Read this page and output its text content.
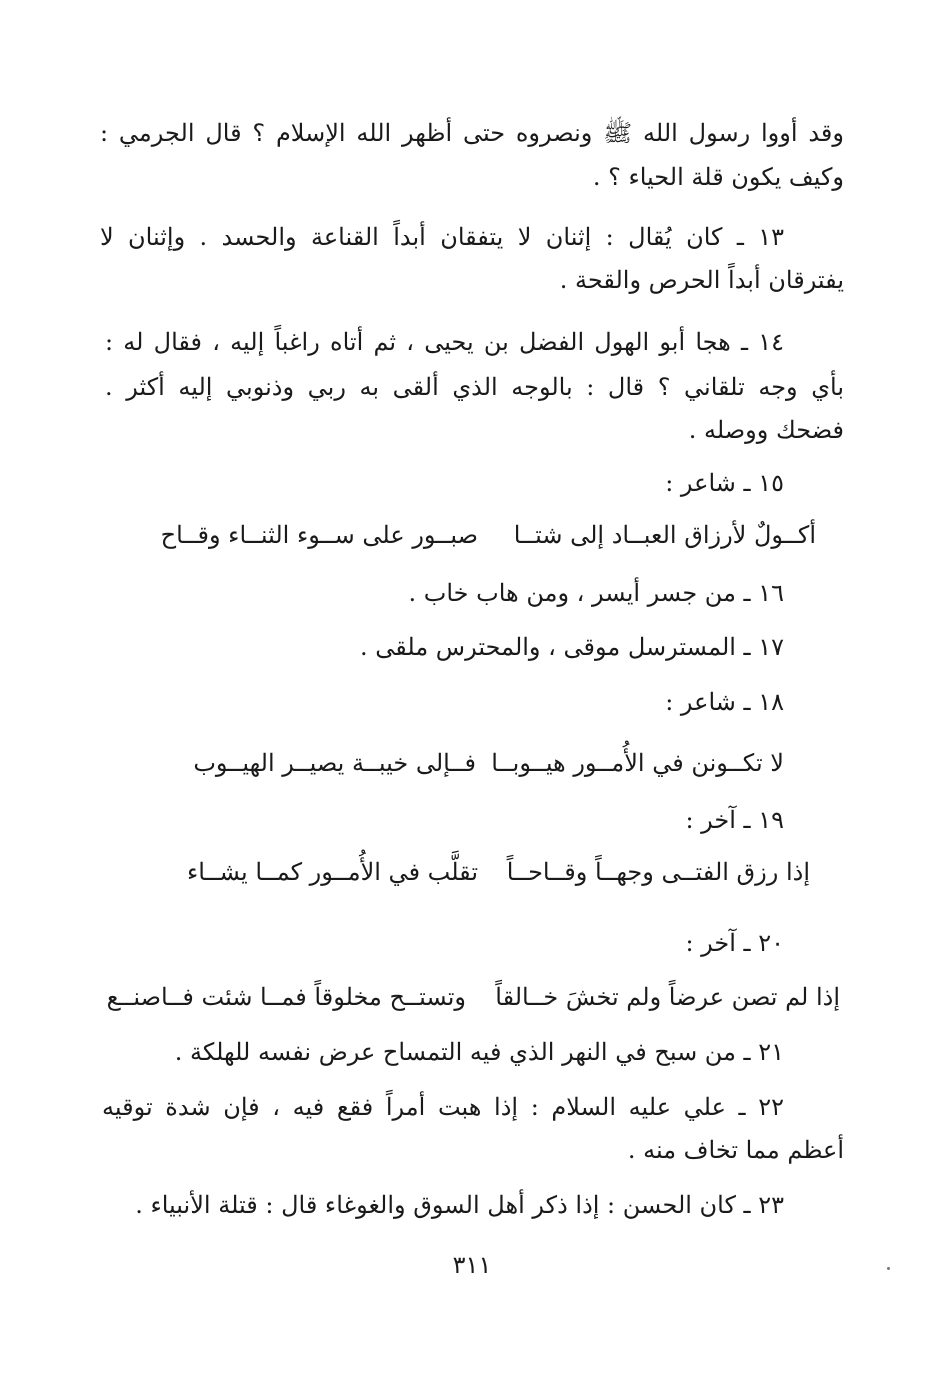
وقد أووا رسول الله ﷺ ونصروه حتى أظهر الله الإسلام ؟ قال الجرمي :
وكيف يكون قلة الحياء ؟ .
١٣ ـ كان يُقال : إثنان لا يتفقان أبداً القناعة والحسد . وإثنان لا
يفترقان أبداً الحرص والقحة .
١٤ ـ هجا أبو الهول الفضل بن يحيى ، ثم أتاه راغباً إليه ، فقال له :
بأي وجه تلقاني ؟ قال : بالوجه الذي ألقى به ربي وذنوبي إليه أكثر .
فضحك ووصله .
١٥ ـ شاعر :
أكــولٌ لأرزاق العبــاد إلى شتــا
صبــور على ســوء الثنــاء وقــاح
١٦ ـ من جسر أيسر ، ومن هاب خاب .
١٧ ـ المسترسل موقى ، والمحترس ملقى .
١٨ ـ شاعر :
لا تكــونن في الأُمــور هيــوبــا
فــإلى خيبــة يصيــر الهيــوب
١٩ ـ آخر :
إذا رزق الفتــى وجهــاً وقــاحــاً
تقلَّب في الأُمــور كمــا يشــاء
٢٠ ـ آخر :
إذا لم تصن عرضاً ولم تخشَ خــالقاً
وتستــح مخلوقاً فمــا شئت فــاصنــع
٢١ ـ من سبح في النهر الذي فيه التمساح عرض نفسه للهلكة .
٢٢ ـ علي عليه السلام : إذا هبت أمراً فقع فيه ، فإن شدة توقيه
أعظم مما تخاف منه .
٢٣ ـ كان الحسن : إذا ذكر أهل السوق والغوغاء قال : قتلة الأنبياء .
٣١١
